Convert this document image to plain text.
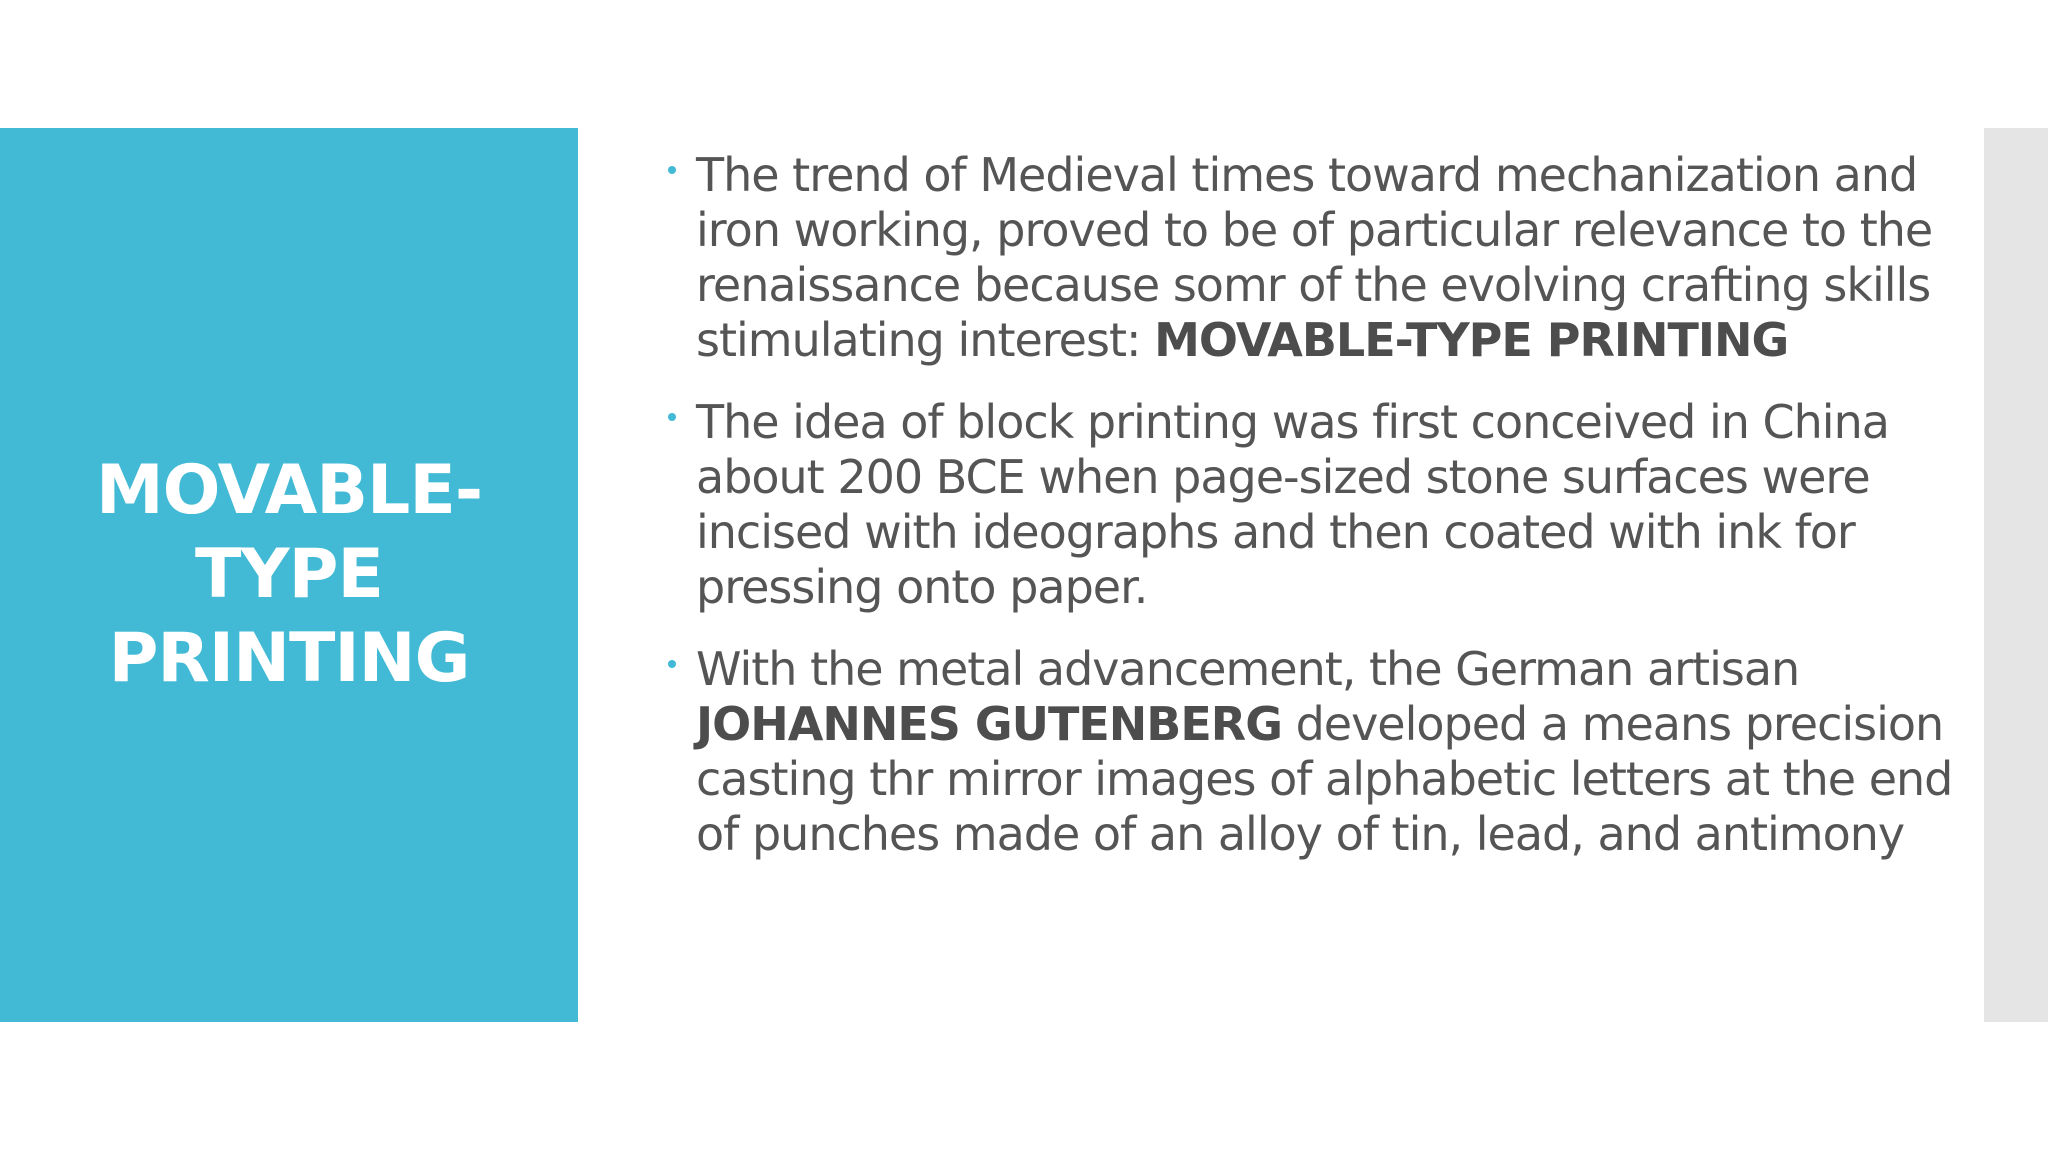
MOVABLE-
TYPE
PRINTING
The trend of Medieval times toward mechanization and iron working, proved to be of particular relevance to the renaissance because somr of the evolving crafting skills stimulating interest: MOVABLE-TYPE PRINTING
The idea of block printing was first conceived in China about 200 BCE when page-sized stone surfaces were incised with ideographs and then coated with ink for pressing onto paper.
With the metal advancement, the German artisan JOHANNES GUTENBERG developed a means precision casting thr mirror images of alphabetic letters at the end of punches made of an alloy of tin, lead, and antimony
